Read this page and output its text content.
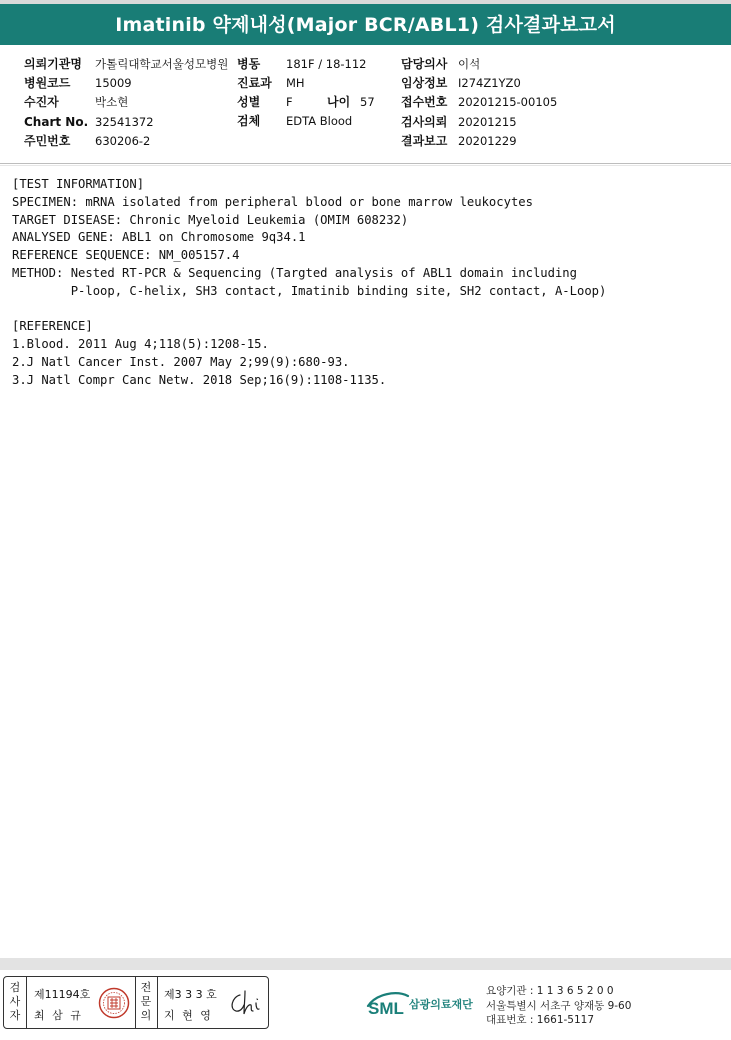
Imatinib 약제내성(Major BCR/ABL1) 검사결과보고서
의뢰기관명 가톨릭대학교서울성모병원 병동 181F / 18-112	담당의사 이석
병원코드 15009	진료과 MH	임상정보 I274Z1YZ0
수진자	박소현	성별 F	나이 57 접수번호 20201215-00105
Chart No. 32541372	검체 EDTA Blood	검사의뢰 20201215
주민번호 630206-2	결과보고 20201229
[TEST INFORMATION]
SPECIMEN: mRNA isolated from peripheral blood or bone marrow leukocytes
TARGET DISEASE: Chronic Myeloid Leukemia (OMIM 608232)
ANALYSED GENE: ABL1 on Chromosome 9q34.1
REFERENCE SEQUENCE: NM_005157.4
METHOD: Nested RT-PCR & Sequencing (Targted analysis of ABL1 domain including
P-loop, C-helix, SH3 contact, Imatinib binding site, SH2 contact, A-Loop)
[REFERENCE]
1.Blood. 2011 Aug 4;118(5):1208-15.
2.J Natl Cancer Inst. 2007 May 2;99(9):680-93.
3.J Natl Compr Canc Netw. 2018 Sep;16(9):1108-1135.
검사자
제11194호
최 삼 규
전문의
제3 3 3 호
지 현 영	SML 삼광의료재단
요양기관 : 1 1 3 6 5 2 0 0
서울특별시 서초구 양재동 9-60
대표번호 : 1661-5117
